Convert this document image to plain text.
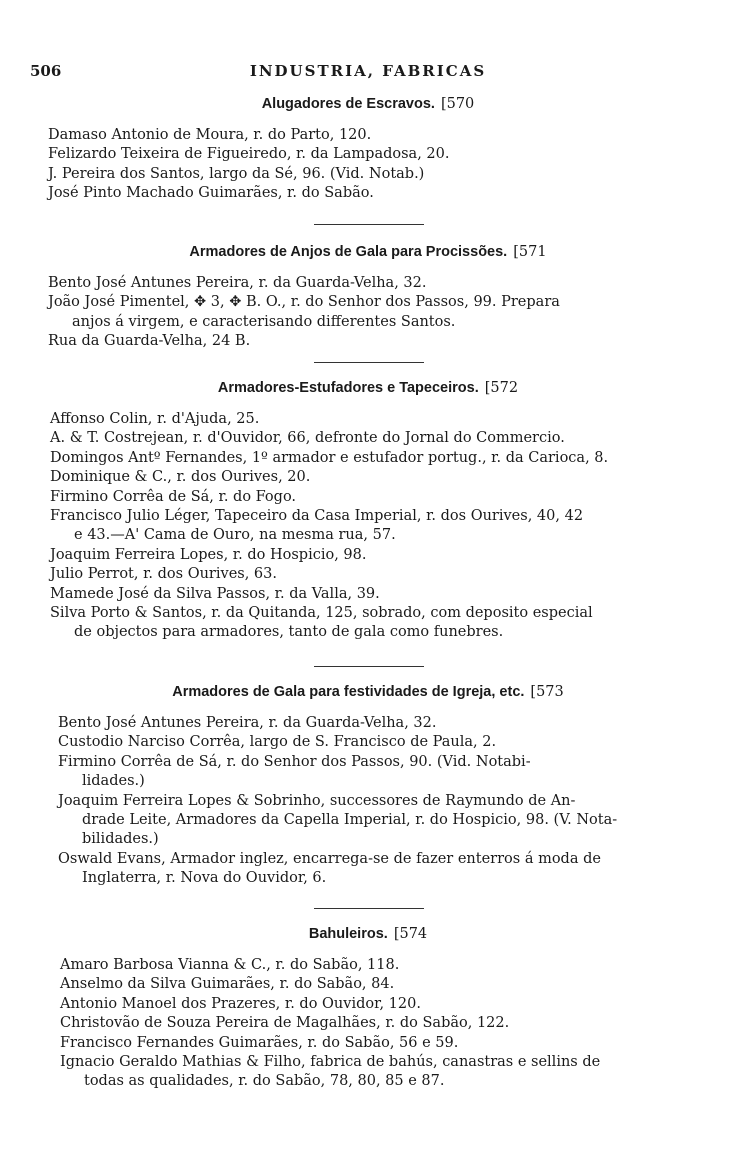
506	INDUSTRIA, FABRICAS
Alugadores de Escravos. [570
Damaso Antonio de Moura, r. do Parto, 120.
Felizardo Teixeira de Figueiredo, r. da Lampadosa, 20.
J. Pereira dos Santos, largo da Sé, 96. (Vid. Notab.)
José Pinto Machado Guimarães, r. do Sabão.
Armadores de Anjos de Gala para Procissões. [571
Bento José Antunes Pereira, r. da Guarda-Velha, 32.
João José Pimentel, ✥ 3, ✥ B. O., r. do Senhor dos Passos, 99. Prepara
anjos á virgem, e caracterisando differentes Santos.
Rua da Guarda-Velha, 24 B.
Armadores-Estufadores e Tapeceiros. [572
Affonso Colin, r. d'Ajuda, 25.
A. & T. Costrejean, r. d'Ouvidor, 66, defronte do Jornal do Commercio.
Domingos Antº Fernandes, 1º armador e estufador portug., r. da Carioca, 8.
Dominique & C., r. dos Ourives, 20.
Firmino Corrêa de Sá, r. do Fogo.
Francisco Julio Léger, Tapeceiro da Casa Imperial, r. dos Ourives, 40, 42
e 43.—A' Cama de Ouro, na mesma rua, 57.
Joaquim Ferreira Lopes, r. do Hospicio, 98.
Julio Perrot, r. dos Ourives, 63.
Mamede José da Silva Passos, r. da Valla, 39.
Silva Porto & Santos, r. da Quitanda, 125, sobrado, com deposito especial
de objectos para armadores, tanto de gala como funebres.
Armadores de Gala para festividades de Igreja, etc. [573
Bento José Antunes Pereira, r. da Guarda-Velha, 32.
Custodio Narciso Corrêa, largo de S. Francisco de Paula, 2.
Firmino Corrêa de Sá, r. do Senhor dos Passos, 90. (Vid. Notabi-
lidades.)
Joaquim Ferreira Lopes & Sobrinho, successores de Raymundo de An-
drade Leite, Armadores da Capella Imperial, r. do Hospicio, 98. (V. Nota-
bilidades.)
Oswald Evans, Armador inglez, encarrega-se de fazer enterros á moda de
Inglaterra, r. Nova do Ouvidor, 6.
Bahuleiros. [574
Amaro Barbosa Vianna & C., r. do Sabão, 118.
Anselmo da Silva Guimarães, r. do Sabão, 84.
Antonio Manoel dos Prazeres, r. do Ouvidor, 120.
Christovão de Souza Pereira de Magalhães, r. do Sabão, 122.
Francisco Fernandes Guimarães, r. do Sabão, 56 e 59.
Ignacio Geraldo Mathias & Filho, fabrica de bahús, canastras e sellins de
todas as qualidades, r. do Sabão, 78, 80, 85 e 87.
